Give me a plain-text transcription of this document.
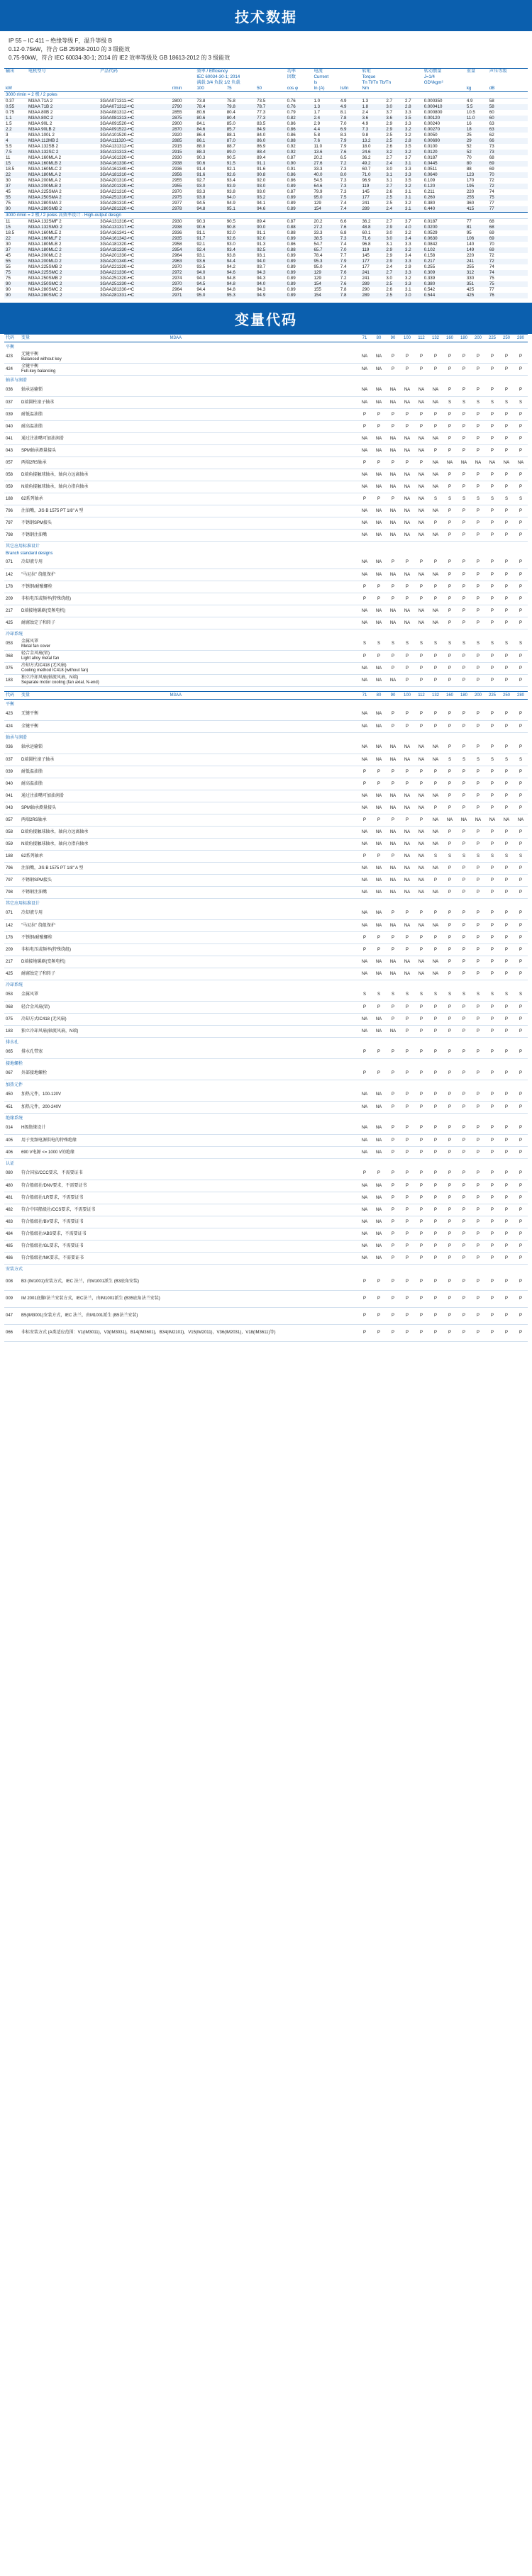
技术数据
IP 55 – IC 411 – 绝缘等级 F，温升等级 B
0.12-0.75kW，符合 GB 25958-2010 的 3 级能效
0.75-90kW，符合 IEC 60034-30-1; 2014 的 IE2 效率等级及 GB 18613-2012 的 3 级能效
输出	电机型号	产品代码		效率 / Efficiency			功率	电流		转矩			转动惯量	重量	声压等级
				IEC 60034-30-1; 2014			因数	Current		Torque			J=1/4		
				满载 3/4 负载 1/2 负载				Is		Tn Tl/Tn Tb/Tn			GD²/kgm²		
kW			r/min	100	75	50	cos φ	In (A)	Is/In	Nm				kg	dB
3000 r/min = 2 极 / 2 poles															
0.37	M3AA 71A 2	3GAA071311-••C	2800	73.8	75.8	73.5	0.76	1.0	4.9	1.3	2.7	2.7	0.000350	4.9	58
0.55	M3AA 71B 2	3GAA071312-••C	2790	78.4	79.8	78.7	0.76	1.3	4.9	1.8	3.0	2.8	0.000410	5.5	58
0.75	M3AA 80B 2	3GAA081312-••C	2855	80.6	80.4	77.3	0.79	1.7	8.1	2.4	3.7	3.3	0.000800	10.5	60
1.1	M3AA 80C 2	3GAA081313-••C	2875	80.6	80.4	77.3	0.82	2.4	7.8	3.6	3.6	3.5	0.00120	11.0	60
1.5	M3AA 90L 2	3GAA091520-••C	2900	84.1	85.0	83.5	0.86	2.9	7.0	4.9	2.9	3.3	0.00240	16	63
2.2	M3AA 90LB 2	3GAA091522-••C	2870	84.6	85.7	84.9	0.86	4.4	6.9	7.3	2.9	3.2	0.00270	18	63
3	M3AA 100L 2	3GAA101520-••C	2920	86.4	88.1	84.0	0.86	5.8	8.3	9.8	2.5	3.2	0.0050	25	62
4	M3AA 112MB 2	3GAA111320-••C	2885	86.1	87.0	86.0	0.88	7.6	7.9	13.2	2.5	2.8	0.00690	29	66
5.5	M3AA 132SB 2	3GAA131312-••C	2915	88.0	88.7	86.9	0.92	11.0	7.9	18.0	2.6	3.5	0.0100	52	73
7.5	M3AA 132SC 2	3GAA131313-••C	2915	88.3	89.0	88.4	0.92	13.6	7.6	24.6	3.2	3.2	0.0120	52	73
11	M3AA 160MLA 2	3GAA161320-••C	2930	90.3	90.5	89.4	0.87	20.2	6.5	36.2	2.7	3.7	0.0187	70	68
15	M3AA 160MLB 2	3GAA161330-••C	2938	90.6	91.5	91.1	0.90	27.6	7.2	49.2	2.4	3.1	0.0445	80	69
18.5	M3AA 160MLC 2	3GAA161340-••C	2936	91.4	92.1	91.6	0.91	33.3	7.3	60.7	3.0	3.3	0.0511	88	69
22	M3AA 180MLA 2	3GAA181310-••C	2956	91.6	92.6	90.8	0.86	40.0	8.0	71.0	3.1	3.3	0.0640	123	70
30	M3AA 200MLA 2	3GAA201310-••C	2955	92.7	93.4	92.0	0.86	54.5	7.3	96.9	3.1	3.5	0.109	170	72
37	M3AA 200MLB 2	3GAA201320-••C	2955	93.0	93.9	93.0	0.89	64.6	7.3	119	2.7	3.2	0.120	195	72
45	M3AA 225SMA 2	3GAA221310-••C	2970	93.3	93.8	93.0	0.87	79.9	7.3	145	2.6	3.1	0.211	220	74
55	M3AA 250SMA 2	3GAA251310-••C	2975	93.8	94.0	93.2	0.89	95.0	7.5	177	2.5	3.1	0.260	255	75
75	M3AA 280SMA 2	3GAA281310-••C	2977	94.5	94.9	94.1	0.89	129	7.4	241	2.5	3.2	0.380	360	77
90	M3AA 280SMB 2	3GAA281320-••C	2978	94.8	95.1	94.6	0.89	154	7.4	289	2.4	3.1	0.440	415	77
3000 r/min = 2 极 / 2 poles 高效率设计 · High-output design															
11	M3AA 132SMF 2	3GAA131316-••C	2930	90.3	90.5	89.4	0.87	20.2	6.6	36.2	2.7	3.7	0.0187	77	68
15	M3AA 132SMG 2	3GAA131317-••C	2938	90.6	90.8	90.0	0.88	27.2	7.6	48.8	2.9	4.0	0.0200	81	68
18.5	M3AA 160MLE 2	3GAA161341-••C	2936	91.1	92.0	91.1	0.88	33.3	6.8	60.1	3.0	3.2	0.0529	95	69
22	M3AA 160MLF 2	3GAA161342-••C	2935	91.7	92.6	92.0	0.89	38.5	7.3	71.6	3.0	3.4	0.0630	106	69
30	M3AA 180MLB 2	3GAA181320-••C	2958	92.1	93.0	91.3	0.86	54.7	7.4	96.8	3.1	3.3	0.0842	140	70
37	M3AA 180MLC 2	3GAA181330-••C	2954	92.4	93.4	92.5	0.88	65.7	7.0	119	2.9	3.2	0.102	149	69
45	M3AA 200MLC 2	3GAA201330-••C	2964	93.1	93.8	93.1	0.89	78.4	7.7	145	2.9	3.4	0.158	220	72
55	M3AA 200MLD 2	3GAA201340-••C	2963	93.6	94.4	94.0	0.89	95.3	7.9	177	2.9	3.3	0.217	241	72
55	M3AA 225SMB 2	3GAA221320-••C	2970	93.5	94.2	93.7	0.89	95.0	7.4	177	2.4	2.9	0.255	255	74
75	M3AA 225SMC 2	3GAA221330-••C	2972	94.0	94.6	94.3	0.89	129	7.6	241	2.7	3.3	0.309	312	74
75	M3AA 250SMB 2	3GAA251320-••C	2974	94.3	94.8	94.3	0.89	129	7.2	241	3.0	3.2	0.339	330	75
90	M3AA 250SMC 2	3GAA251330-••C	2970	94.5	94.8	94.0	0.89	154	7.6	289	2.5	3.3	0.380	351	75
90	M3AA 280SMC 2	3GAA281330-••C	2964	94.4	94.8	94.3	0.89	155	7.8	290	2.6	3.1	0.542	425	77
90	M3AA 280SMC 2	3GAA281331-••C	2971	95.0	95.3	94.9	0.89	154	7.8	289	2.5	3.0	0.544	425	76
变量代码
代码	变量	M3AA	71	80	90	100	112	132	160	180	200	225	250	280
平衡														
423	无键平衡
Balanced without key		NA	NA	P	P	P	P	P	P	P	P	P	P
424	全键平衡
Full-key balancing		NA	NA	P	P	P	P	P	P	P	P	P	P
轴承与润滑														
036	轴承运输锁		NA	NA	NA	NA	NA	NA	P	P	P	P	P	P
037	D端圆柱滚子轴承		NA	NA	NA	NA	NA	NA	S	S	S	S	S	S
039	耐低温油脂		P	P	P	P	P	P	P	P	P	P	P	P
040	耐高温油脂		P	P	P	P	P	P	P	P	P	P	P	P
041	通过注油嘴可加油润滑		NA	NA	NA	NA	NA	NA	P	P	P	P	P	P
043	SPM轴承测量接头		NA	NA	NA	NA	NA	P	P	P	P	P	P	P
057	两端2RS轴承		P	P	P	P	P	NA	NA	NA	NA	NA	NA	NA
058	D端角接触球轴承，轴向力远离轴承		NA	NA	NA	NA	NA	NA	P	P	P	P	P	P
059	N端角接触球轴承，轴向力指向轴承		NA	NA	NA	NA	NA	NA	P	P	P	P	P	P
188	62系列轴承		P	P	P	NA	NA	S	S	S	S	S	S	S
796	注油嘴，JIS B 1575 PT 1/8" A 型		NA	NA	NA	NA	NA	NA	P	P	P	P	P	P
797	不锈钢SPM接头		NA	NA	NA	NA	NA	P	P	P	P	P	P	P
798	不锈钢注油嘴		NA	NA	NA	NA	NA	NA	P	P	P	P	P	P
其它应用标准设计														
Branch standard designs														
071	冷却液专用		NA	NA	P	P	P	P	P	P	P	P	P	P
142	"马尼拉" 绕组保护		NA	NA	NA	NA	NA	NA	P	P	P	P	P	P
178	不锈钢/耐酸螺栓		P	P	P	P	P	P	P	P	P	P	P	P
209	非标电压或频率(特殊绕组)		P	P	P	P	P	P	P	P	P	P	P	P
217	D端接地碳刷(变频电机)		NA	NA	NA	NA	NA	NA	P	P	P	P	P	P
425	耐腐蚀定子和转子		NA	NA	NA	NA	NA	NA	P	P	P	P	P	P
冷却系统														
053	金属风罩
Metal fan cover		S	S	S	S	S	S	S	S	S	S	S	S
068	轻合金风扇(铝)
Light alloy metal fan		P	P	P	P	P	P	P	P	P	P	P	P
075	冷却方式IC418 (无风扇)
Cooling method IC418 (without fan)		NA	NA	P	P	P	P	P	P	P	P	P	P
183	独立冷却风扇(轴流风扇，N端)
Separate motor cooling (fan axial, N-end)		NA	NA	NA	P	P	P	P	P	P	P	P	P
代码	变量	M3AA	71	80	90	100	112	132	160	180	200	225	250	280
平衡														
423	无键平衡		NA	NA	P	P	P	P	P	P	P	P	P	P
424	全键平衡		NA	NA	P	P	P	P	P	P	P	P	P	P
轴承与润滑														
036	轴承运输锁		NA	NA	NA	NA	NA	NA	P	P	P	P	P	P
037	D端圆柱滚子轴承		NA	NA	NA	NA	NA	NA	S	S	S	S	S	S
039	耐低温油脂		P	P	P	P	P	P	P	P	P	P	P	P
040	耐高温油脂		P	P	P	P	P	P	P	P	P	P	P	P
041	通过注油嘴可加油润滑		NA	NA	NA	NA	NA	NA	P	P	P	P	P	P
043	SPM轴承测量接头		NA	NA	NA	NA	NA	P	P	P	P	P	P	P
057	两端2RS轴承		P	P	P	P	P	NA	NA	NA	NA	NA	NA	NA
058	D端角接触球轴承，轴向力远离轴承		NA	NA	NA	NA	NA	NA	P	P	P	P	P	P
059	N端角接触球轴承，轴向力指向轴承		NA	NA	NA	NA	NA	NA	P	P	P	P	P	P
188	62系列轴承		P	P	P	NA	NA	S	S	S	S	S	S	S
796	注油嘴，JIS B 1575 PT 1/8" A 型		NA	NA	NA	NA	NA	NA	P	P	P	P	P	P
797	不锈钢SPM接头		NA	NA	NA	NA	NA	P	P	P	P	P	P	P
798	不锈钢注油嘴		NA	NA	NA	NA	NA	NA	P	P	P	P	P	P
其它应用标准设计														
071	冷却液专用		NA	NA	P	P	P	P	P	P	P	P	P	P
142	"马尼拉" 绕组保护		NA	NA	NA	NA	NA	NA	P	P	P	P	P	P
178	不锈钢/耐酸螺栓		P	P	P	P	P	P	P	P	P	P	P	P
209	非标电压或频率(特殊绕组)		P	P	P	P	P	P	P	P	P	P	P	P
217	D端接地碳刷(变频电机)		NA	NA	NA	NA	NA	NA	P	P	P	P	P	P
425	耐腐蚀定子和转子		NA	NA	NA	NA	NA	NA	P	P	P	P	P	P
冷却系统														
053	金属风罩		S	S	S	S	S	S	S	S	S	S	S	S
068	轻合金风扇(铝)		P	P	P	P	P	P	P	P	P	P	P	P
075	冷却方式IC418 (无风扇)		NA	NA	P	P	P	P	P	P	P	P	P	P
183	独立冷却风扇(轴流风扇，N端)		NA	NA	NA	P	P	P	P	P	P	P	P	P
排水孔														
065	排水孔带塞		P	P	P	P	P	P	P	P	P	P	P	P
接地螺栓														
067	外部接地螺栓		P	P	P	P	P	P	P	P	P	P	P	P
加热元件														
450	加热元件，100-120V		NA	NA	P	P	P	P	P	P	P	P	P	P
451	加热元件，200-240V		NA	NA	P	P	P	P	P	P	P	P	P	P
绝缘系统														
014	H级绝缘设计		NA	NA	P	P	P	P	P	P	P	P	P	P
405	用于变频电源供电的特殊绝缘		NA	NA	P	P	P	P	P	P	P	P	P	P
406	690 V电源 <= 1000 V的绝缘		NA	NA	P	P	P	P	P	P	P	P	P	P
认证														
080	符合国家/CCC要求，不需要证书		P	P	P	P	P	P	P	P	P	P	P	P
480	符合船级社/DNV要求，不需要证书		NA	NA	P	P	P	P	P	P	P	P	P	P
481	符合船级社/LR要求，不需要证书		NA	NA	P	P	P	P	P	P	P	P	P	P
482	符合中国船级社/CCS要求，不需要证书		NA	NA	P	P	P	P	P	P	P	P	P	P
483	符合船级社/BV要求，不需要证书		NA	NA	P	P	P	P	P	P	P	P	P	P
484	符合船级社/ABS要求，不需要证书		NA	NA	P	P	P	P	P	P	P	P	P	P
485	符合船级社/GL要求，不需要证书		NA	NA	P	P	P	P	P	P	P	P	P	P
486	符合船级社/NK要求，不需要证书		NA	NA	P	P	P	P	P	P	P	P	P	P
安装方式														
008	B3 (IM1001)安装方式，IEC 法兰，由M1001派生 (B3底角安装)		P	P	P	P	P	P	P	P	P	P	P	P
009	IM 2001底脚/法兰安装方式，IEC法兰，由IM1001派生 (B35底角法兰安装)		P	P	P	P	P	P	P	P	P	P	P	P
047	B5(IM3001)安装方式，IEC 法兰，由M1001派生 (B5法兰安装)		P	P	P	P	P	P	P	P	P	P	P	P
066	非标安装方式 (A类适应范围：V1(IM3011)，V3(IM3031)，B14(IM3601)，B34(IM2101)，V15(IM2011)，V36(IM2031)，V18(IM3611)等)		P	P	P	P	P	P	P	P	P	P	P	P
